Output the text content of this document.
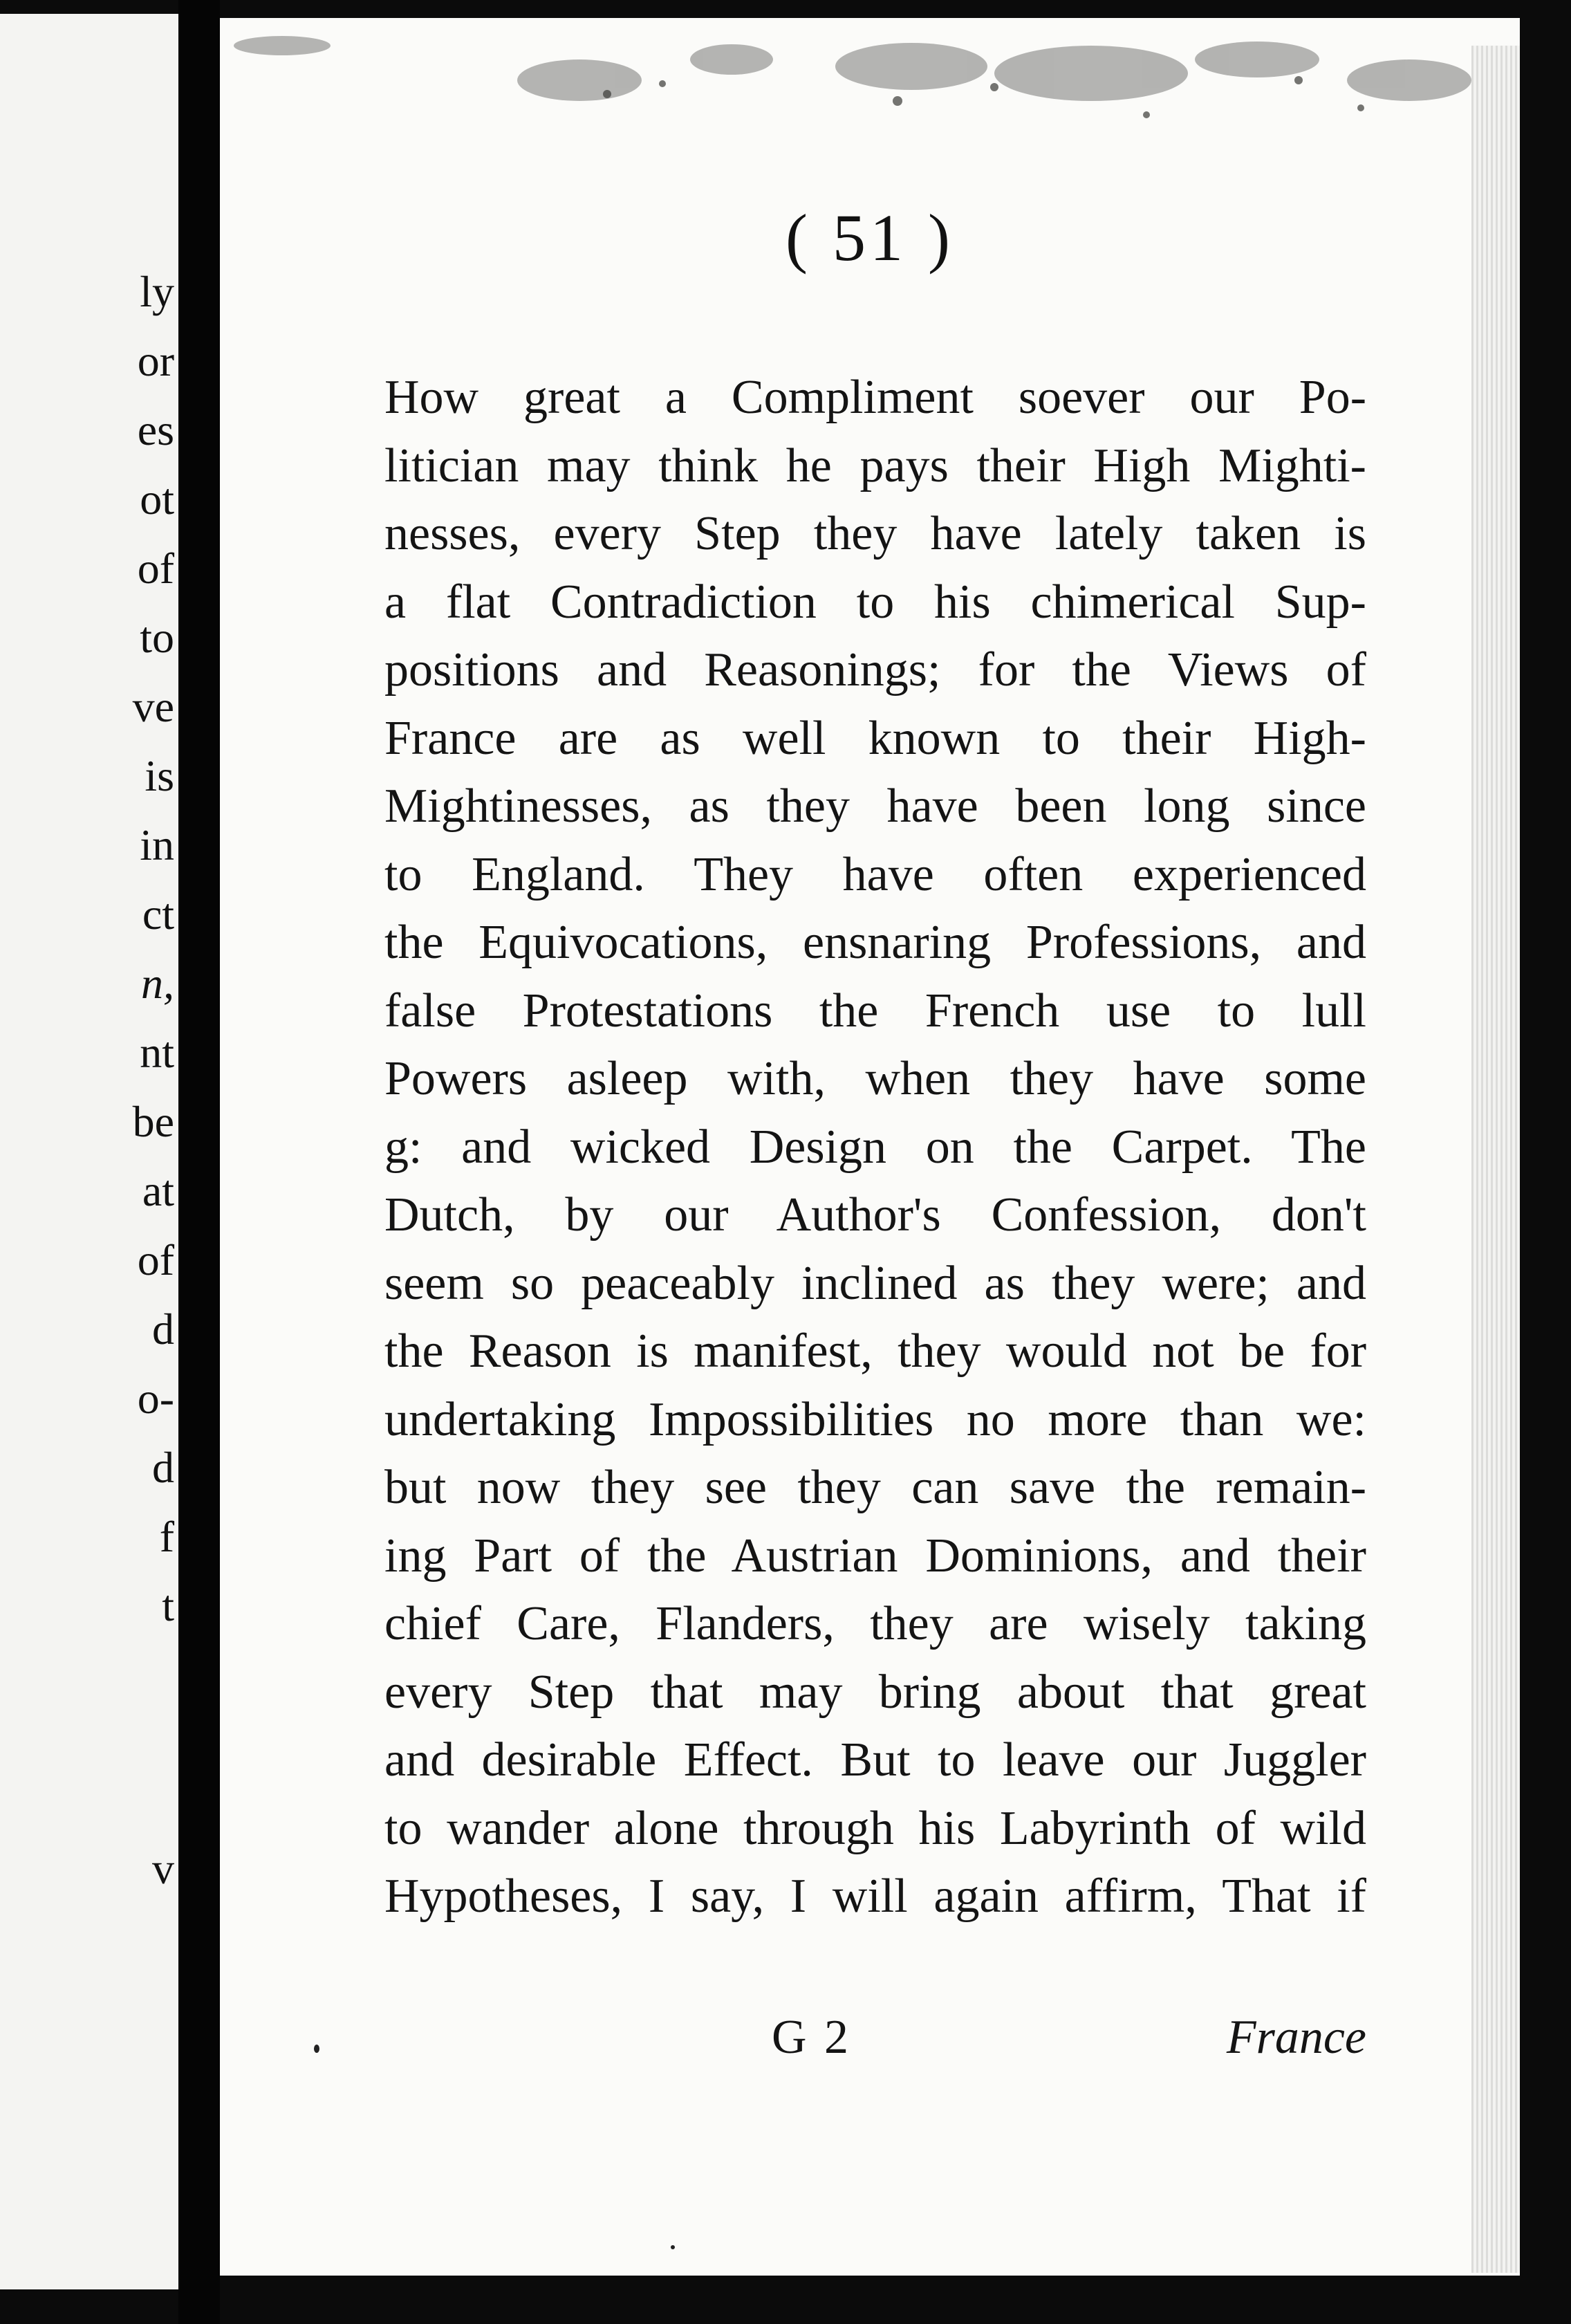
ly
or
es
ot
of
to
ve
is
in
ct
n,
nt
be
at
of
d
o-
d
f
t
v
( 51 )
How great a Compliment soever our Po-
litician may think he pays their High Mighti-
nesses, every Step they have lately taken is
a flat Contradiction to his chimerical Sup-
positions and Reasonings; for the Views of
France are as well known to their High-
Mightinesses, as they have been long since
to England. They have often experienced
the Equivocations, ensnaring Professions, and
false Protestations the French use to lull
Powers asleep with, when they have some
g: and wicked Design on the Carpet. The
Dutch, by our Author's Confession, don't
seem so peaceably inclined as they were; and
the Reason is manifest, they would not be for
undertaking Impossibilities no more than we:
but now they see they can save the remain-
ing Part of the Austrian Dominions, and their
chief Care, Flanders, they are wisely taking
every Step that may bring about that great
and desirable Effect. But to leave our Juggler
to wander alone through his Labyrinth of wild
Hypotheses, I say, I will again affirm, That if
G 2	France
